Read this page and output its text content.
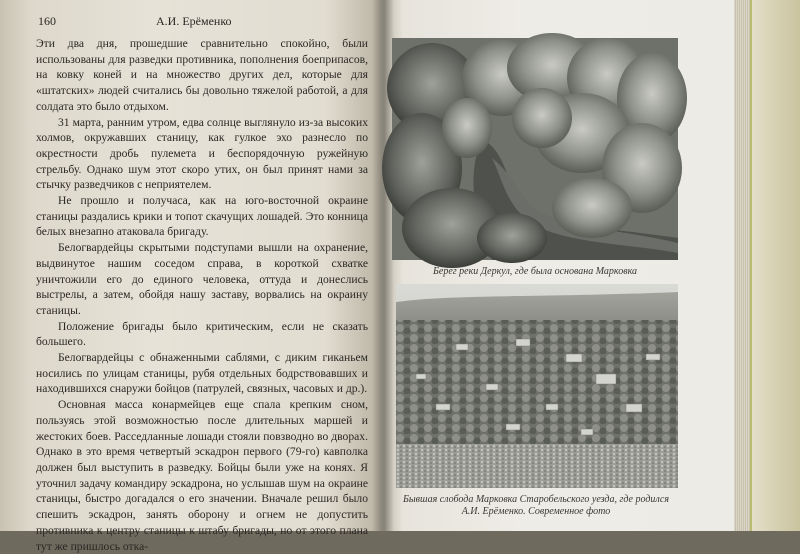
160	А.И. Ерёменко

Эти два дня, прошедшие сравнительно спокойно, были использованы для разведки противника, пополнения боеприпасов, на ковку коней и на множество других дел, которые для «штатских» людей считались бы довольно тяжелой работой, а для солдата это было отдыхом.

31 марта, ранним утром, едва солнце выглянуло из-за высоких холмов, окружавших станицу, как гулкое эхо разнесло по окрестности дробь пулемета и беспорядочную ружейную стрельбу. Однако шум этот скоро утих, он был принят нами за стычку разведчиков с неприятелем.

Не прошло и получаса, как на юго-восточной окраине станицы раздались крики и топот скачущих лошадей. Это конница белых внезапно атаковала бригаду.

Белогвардейцы скрытыми подступами вышли на охранение, выдвинутое нашим соседом справа, в короткой схватке уничтожили его до единого человека, оттуда и донеслись выстрелы, а затем, обойдя нашу заставу, ворвались на окраину станицы.

Положение бригады было критическим, если не сказать большего.

Белогвардейцы с обнаженными саблями, с диким гиканьем носились по улицам станицы, рубя отдельных бодрствовавших и находившихся снаружи бойцов (патрулей, связных, часовых и др.).

Основная масса конармейцев еще спала крепким сном, пользуясь этой возможностью после длительных маршей и жестоких боев. Расседланные лошади стояли повзводно во дворах. Однако в это время четвертый эскадрон первого (79-го) кавполка должен был выступить в разведку. Бойцы были уже на конях. Я уточнил задачу командиру эскадрона, но услышав шум на окраине станицы, быстро догадался о его значении. Вначале решил было спешить эскадрон, занять оборону и огнем не допустить противника к центру станицы к штабу бригады, но от этого плана тут же пришлось отка-

Берег реки Деркул, где была основана Марковка
Бывшая слобода Марковка Старобельского уезда, где родился
А.И. Ерёменко. Современное фото
